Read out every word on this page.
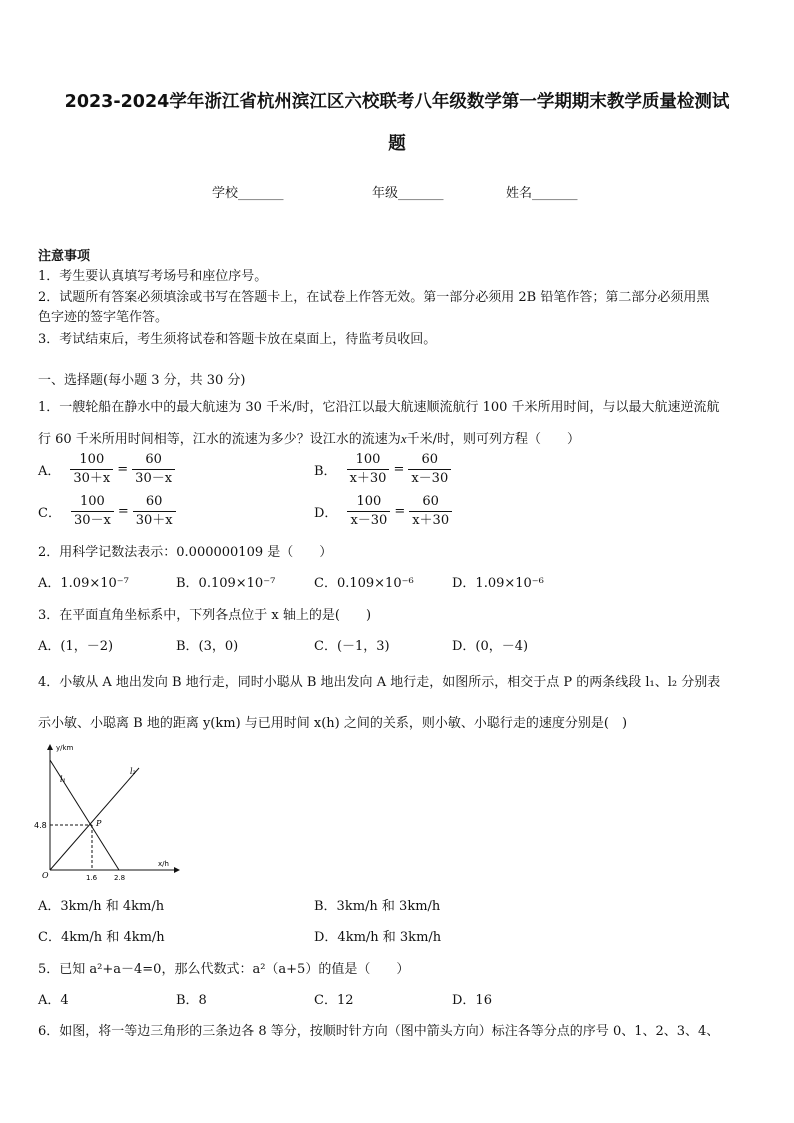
2023-2024学年浙江省杭州滨江区六校联考八年级数学第一学期期末教学质量检测试
题
学校_______	年级_______	姓名_______
注意事项
1．考生要认真填写考场号和座位序号。
2．试题所有答案必须填涂或书写在答题卡上，在试卷上作答无效。第一部分必须用 2B 铅笔作答；第二部分必须用黑
色字迹的签字笔作答。
3．考试结束后，考生须将试卷和答题卡放在桌面上，待监考员收回。
一、选择题(每小题 3 分，共 30 分)
1．一艘轮船在静水中的最大航速为 30 千米/时，它沿江以最大航速顺流航行 100 千米所用时间，与以最大航速逆流航
行 60 千米所用时间相等，江水的流速为多少？设江水的流速为x千米/时，则可列方程（　　）
A． $\frac{100}{30+x} = \frac{60}{30-x}$	B． $\frac{100}{x+30} = \frac{60}{x-30}$
C． $\frac{100}{30-x} = \frac{60}{30+x}$	D． $\frac{100}{x-30} = \frac{60}{x+30}$
2．用科学记数法表示：0.000000109 是（　　）
A．1.09×10⁻⁷	B．0.109×10⁻⁷	C．0.109×10⁻⁶	D．1.09×10⁻⁶
3．在平面直角坐标系中，下列各点位于 x 轴上的是(　　)
A．(1，－2)	B．(3，0)	C．(－1，3)	D．(0，－4)
4．小敏从 A 地出发向 B 地行走，同时小聪从 B 地出发向 A 地行走，如图所示，相交于点 P 的两条线段 l₁、l₂ 分别表
示小敏、小聪离 B 地的距离 y(km) 与已用时间 x(h) 之间的关系，则小敏、小聪行走的速度分别是(　)
y/km
x/h
O
4.8
1.6 2.8
l₁
l₂
P
A．3km/h 和 4km/h	B．3km/h 和 3km/h
C．4km/h 和 4km/h	D．4km/h 和 3km/h
5．已知 a²+a－4=0，那么代数式：a²（a+5）的值是（　　）
A．4	B．8	C．12	D．16
6．如图，将一等边三角形的三条边各 8 等分，按顺时针方向（图中箭头方向）标注各等分点的序号 0、1、2、3、4、
